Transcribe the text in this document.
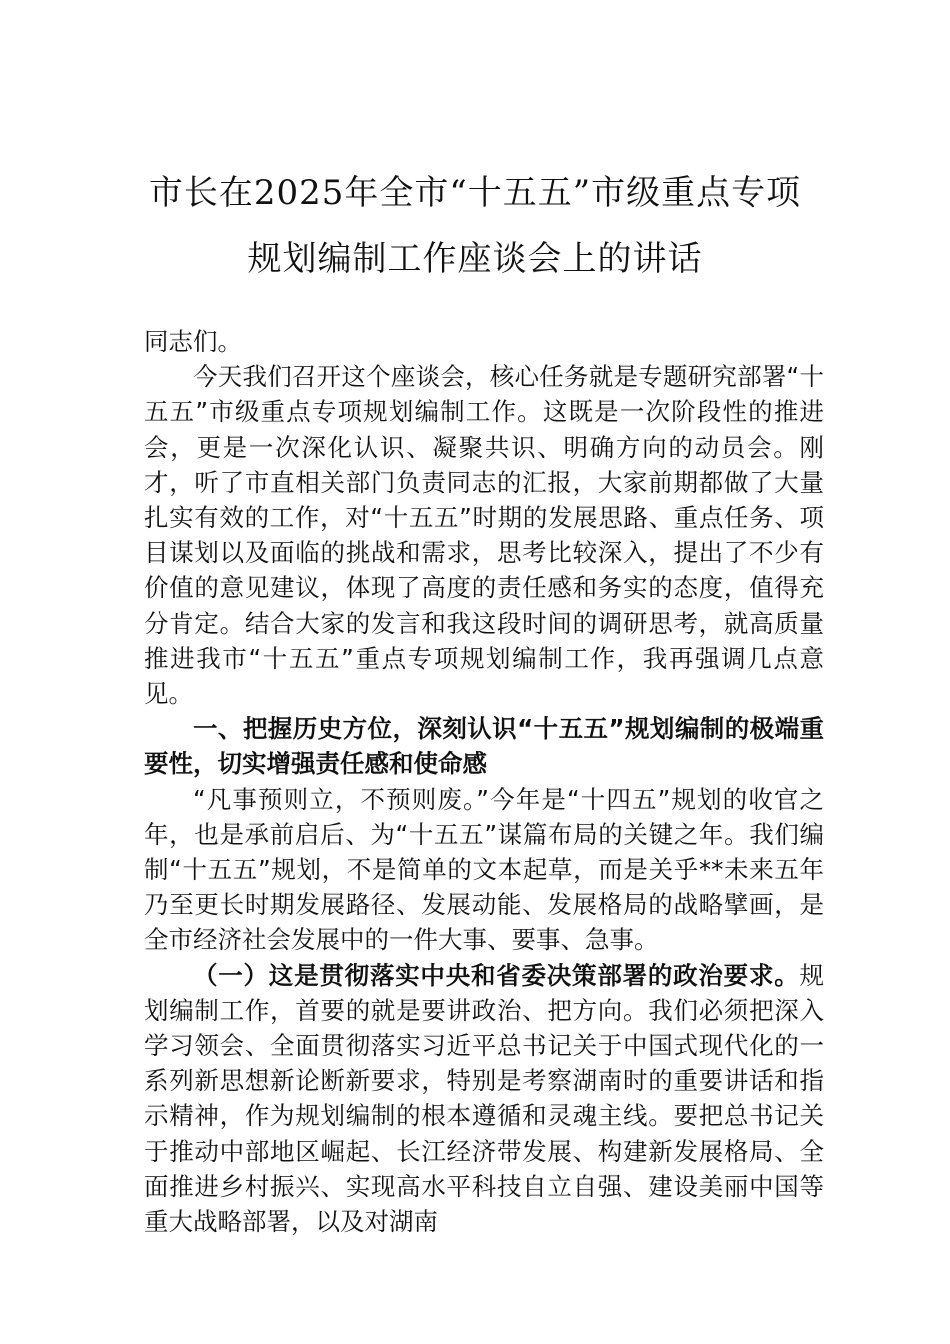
市长在2025年全市“十五五”市级重点专项
规划编制工作座谈会上的讲话

同志们。

今天我们召开这个座谈会，核心任务就是专题研究部署“十五五”市级重点专项规划编制工作。这既是一次阶段性的推进会，更是一次深化认识、凝聚共识、明确方向的动员会。刚才，听了市直相关部门负责同志的汇报，大家前期都做了大量扎实有效的工作，对“十五五”时期的发展思路、重点任务、项目谋划以及面临的挑战和需求，思考比较深入，提出了不少有价值的意见建议，体现了高度的责任感和务实的态度，值得充分肯定。结合大家的发言和我这段时间的调研思考，就高质量推进我市“十五五”重点专项规划编制工作，我再强调几点意见。

一、把握历史方位，深刻认识“十五五”规划编制的极端重要性，切实增强责任感和使命感

“凡事预则立，不预则废。”今年是“十四五”规划的收官之年，也是承前启后、为“十五五”谋篇布局的关键之年。我们编制“十五五”规划，不是简单的文本起草，而是关乎**未来五年乃至更长时期发展路径、发展动能、发展格局的战略擘画，是全市经济社会发展中的一件大事、要事、急事。

（一）这是贯彻落实中央和省委决策部署的政治要求。规划编制工作，首要的就是要讲政治、把方向。我们必须把深入学习领会、全面贯彻落实习近平总书记关于中国式现代化的一系列新思想新论断新要求，特别是考察湖南时的重要讲话和指示精神，作为规划编制的根本遵循和灵魂主线。要把总书记关于推动中部地区崛起、长江经济带发展、构建新发展格局、全面推进乡村振兴、实现高水平科技自立自强、建设美丽中国等重大战略部署，以及对湖南
